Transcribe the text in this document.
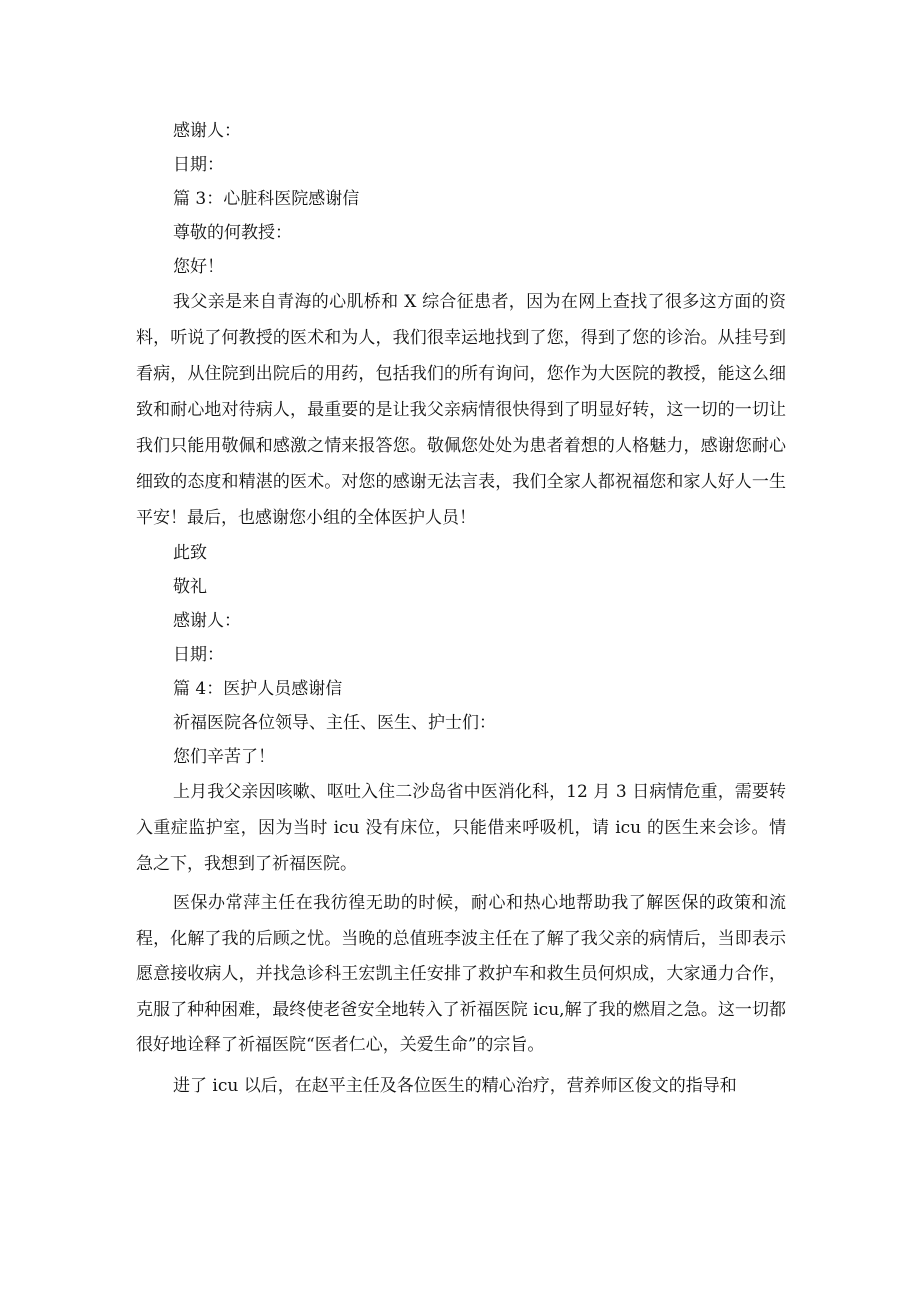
感谢人：

日期：

篇 3：心脏科医院感谢信

尊敬的何教授：

您好！

我父亲是来自青海的心肌桥和 X 综合征患者，因为在网上查找了很多这方面的资料，听说了何教授的医术和为人，我们很幸运地找到了您，得到了您的诊治。从挂号到看病，从住院到出院后的用药，包括我们的所有询问，您作为大医院的教授，能这么细致和耐心地对待病人，最重要的是让我父亲病情很快得到了明显好转，这一切的一切让我们只能用敬佩和感激之情来报答您。敬佩您处处为患者着想的人格魅力，感谢您耐心细致的态度和精湛的医术。对您的感谢无法言表，我们全家人都祝福您和家人好人一生平安！最后，也感谢您小组的全体医护人员！

此致

敬礼

感谢人：

日期：

篇 4：医护人员感谢信

祈福医院各位领导、主任、医生、护士们：

您们辛苦了！

上月我父亲因咳嗽、呕吐入住二沙岛省中医消化科，12 月 3 日病情危重，需要转入重症监护室，因为当时 icu 没有床位，只能借来呼吸机，请 icu 的医生来会诊。情急之下，我想到了祈福医院。

医保办常萍主任在我彷徨无助的时候，耐心和热心地帮助我了解医保的政策和流程，化解了我的后顾之忧。当晚的总值班李波主任在了解了我父亲的病情后，当即表示愿意接收病人，并找急诊科王宏凯主任安排了救护车和救生员何炽成，大家通力合作，克服了种种困难，最终使老爸安全地转入了祈福医院 icu,解了我的燃眉之急。这一切都很好地诠释了祈福医院“医者仁心，关爱生命”的宗旨。

进了 icu 以后，在赵平主任及各位医生的精心治疗，营养师区俊文的指导和
